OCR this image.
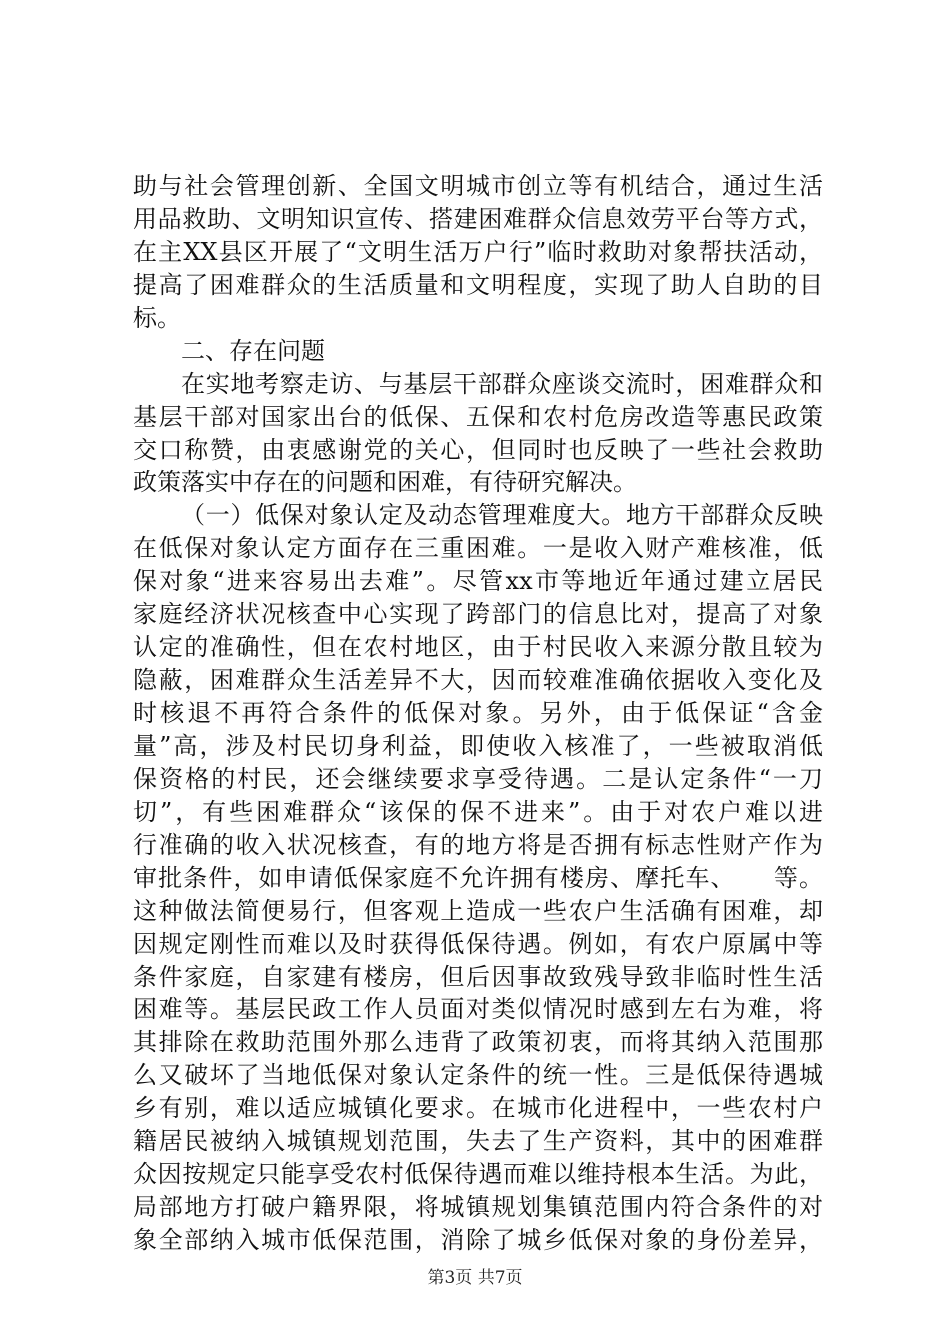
助与社会管理创新、全国文明城市创立等有机结合，通过生活
用品救助、文明知识宣传、搭建困难群众信息效劳平台等方式，
在主XX县区开展了“文明生活万户行”临时救助对象帮扶活动，
提高了困难群众的生活质量和文明程度，实现了助人自助的目
标。
二、存在问题
在实地考察走访、与基层干部群众座谈交流时，困难群众和
基层干部对国家出台的低保、五保和农村危房改造等惠民政策
交口称赞，由衷感谢党的关心，但同时也反映了一些社会救助
政策落实中存在的问题和困难，有待研究解决。
（一）低保对象认定及动态管理难度大。地方干部群众反映
在低保对象认定方面存在三重困难。一是收入财产难核准，低
保对象“进来容易出去难”。尽管xx市等地近年通过建立居民
家庭经济状况核查中心实现了跨部门的信息比对，提高了对象
认定的准确性，但在农村地区，由于村民收入来源分散且较为
隐蔽，困难群众生活差异不大，因而较难准确依据收入变化及
时核退不再符合条件的低保对象。另外，由于低保证“含金
量”高，涉及村民切身利益，即使收入核准了，一些被取消低
保资格的村民，还会继续要求享受待遇。二是认定条件“一刀
切”，有些困难群众“该保的保不进来”。由于对农户难以进
行准确的收入状况核查，有的地方将是否拥有标志性财产作为
审批条件，如申请低保家庭不允许拥有楼房、摩托车、　　等。
这种做法简便易行，但客观上造成一些农户生活确有困难，却
因规定刚性而难以及时获得低保待遇。例如，有农户原属中等
条件家庭，自家建有楼房，但后因事故致残导致非临时性生活
困难等。基层民政工作人员面对类似情况时感到左右为难，将
其排除在救助范围外那么违背了政策初衷，而将其纳入范围那
么又破坏了当地低保对象认定条件的统一性。三是低保待遇城
乡有别，难以适应城镇化要求。在城市化进程中，一些农村户
籍居民被纳入城镇规划范围，失去了生产资料，其中的困难群
众因按规定只能享受农村低保待遇而难以维持根本生活。为此，
局部地方打破户籍界限，将城镇规划集镇范围内符合条件的对
象全部纳入城市低保范围，消除了城乡低保对象的身份差异，
第3页 共7页
